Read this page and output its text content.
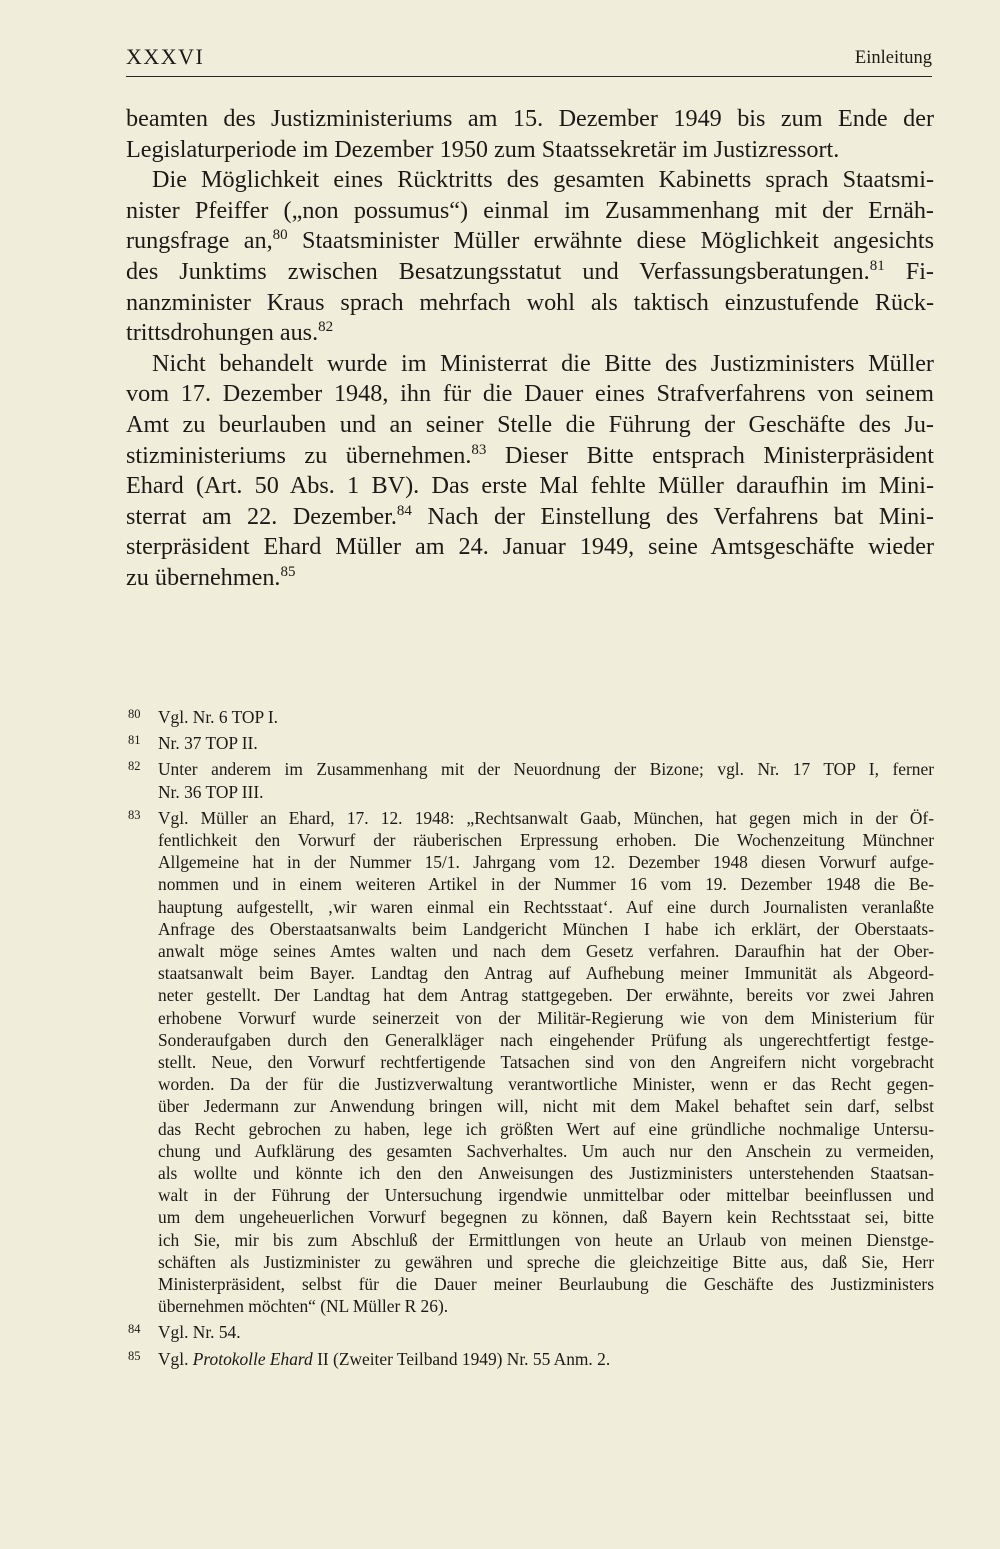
XXXVI	Einleitung

beamten des Justizministeriums am 15. Dezember 1949 bis zum Ende der
Legislaturperiode im Dezember 1950 zum Staatssekretär im Justizressort.

Die Möglichkeit eines Rücktritts des gesamten Kabinetts sprach Staatsmi-
nister Pfeiffer („non possumus“) einmal im Zusammenhang mit der Ernäh-
rungsfrage an,$^{80}$ Staatsminister Müller erwähnte diese Möglichkeit angesichts
des Junktims zwischen Besatzungsstatut und Verfassungsberatungen.$^{81}$ Fi-
nanzminister Kraus sprach mehrfach wohl als taktisch einzustufende Rück-
trittsdrohungen aus.$^{82}$

Nicht behandelt wurde im Ministerrat die Bitte des Justizministers Müller
vom 17. Dezember 1948, ihn für die Dauer eines Strafverfahrens von seinem
Amt zu beurlauben und an seiner Stelle die Führung der Geschäfte des Ju-
stizministeriums zu übernehmen.$^{83}$ Dieser Bitte entsprach Ministerpräsident
Ehard (Art. 50 Abs. 1 BV). Das erste Mal fehlte Müller daraufhin im Mini-
sterrat am 22. Dezember.$^{84}$ Nach der Einstellung des Verfahrens bat Mini-
sterpräsident Ehard Müller am 24. Januar 1949, seine Amtsgeschäfte wieder
zu übernehmen.$^{85}$

80 Vgl. Nr. 6 TOP I.
81 Nr. 37 TOP II.
82 Unter anderem im Zusammenhang mit der Neuordnung der Bizone; vgl. Nr. 17 TOP I, ferner
Nr. 36 TOP III.
83 Vgl. Müller an Ehard, 17. 12. 1948: „Rechtsanwalt Gaab, München, hat gegen mich in der Öf-
fentlichkeit den Vorwurf der räuberischen Erpressung erhoben. Die Wochenzeitung Münchner
Allgemeine hat in der Nummer 15/1. Jahrgang vom 12. Dezember 1948 diesen Vorwurf aufge-
nommen und in einem weiteren Artikel in der Nummer 16 vom 19. Dezember 1948 die Be-
hauptung aufgestellt, ‚wir waren einmal ein Rechtsstaat‘. Auf eine durch Journalisten veranlaßte
Anfrage des Oberstaatsanwalts beim Landgericht München I habe ich erklärt, der Oberstaats-
anwalt möge seines Amtes walten und nach dem Gesetz verfahren. Daraufhin hat der Ober-
staatsanwalt beim Bayer. Landtag den Antrag auf Aufhebung meiner Immunität als Abgeord-
neter gestellt. Der Landtag hat dem Antrag stattgegeben. Der erwähnte, bereits vor zwei Jahren
erhobene Vorwurf wurde seinerzeit von der Militär-Regierung wie von dem Ministerium für
Sonderaufgaben durch den Generalkläger nach eingehender Prüfung als ungerechtfertigt festge-
stellt. Neue, den Vorwurf rechtfertigende Tatsachen sind von den Angreifern nicht vorgebracht
worden. Da der für die Justizverwaltung verantwortliche Minister, wenn er das Recht gegen-
über Jedermann zur Anwendung bringen will, nicht mit dem Makel behaftet sein darf, selbst
das Recht gebrochen zu haben, lege ich größten Wert auf eine gründliche nochmalige Untersu-
chung und Aufklärung des gesamten Sachverhaltes. Um auch nur den Anschein zu vermeiden,
als wollte und könnte ich den den Anweisungen des Justizministers unterstehenden Staatsan-
walt in der Führung der Untersuchung irgendwie unmittelbar oder mittelbar beeinflussen und
um dem ungeheuerlichen Vorwurf begegnen zu können, daß Bayern kein Rechtsstaat sei, bitte
ich Sie, mir bis zum Abschluß der Ermittlungen von heute an Urlaub von meinen Dienstge-
schäften als Justizminister zu gewähren und spreche die gleichzeitige Bitte aus, daß Sie, Herr
Ministerpräsident, selbst für die Dauer meiner Beurlaubung die Geschäfte des Justizministers
übernehmen möchten“ (NL Müller R 26).
84 Vgl. Nr. 54.
85 Vgl. Protokolle Ehard II (Zweiter Teilband 1949) Nr. 55 Anm. 2.
